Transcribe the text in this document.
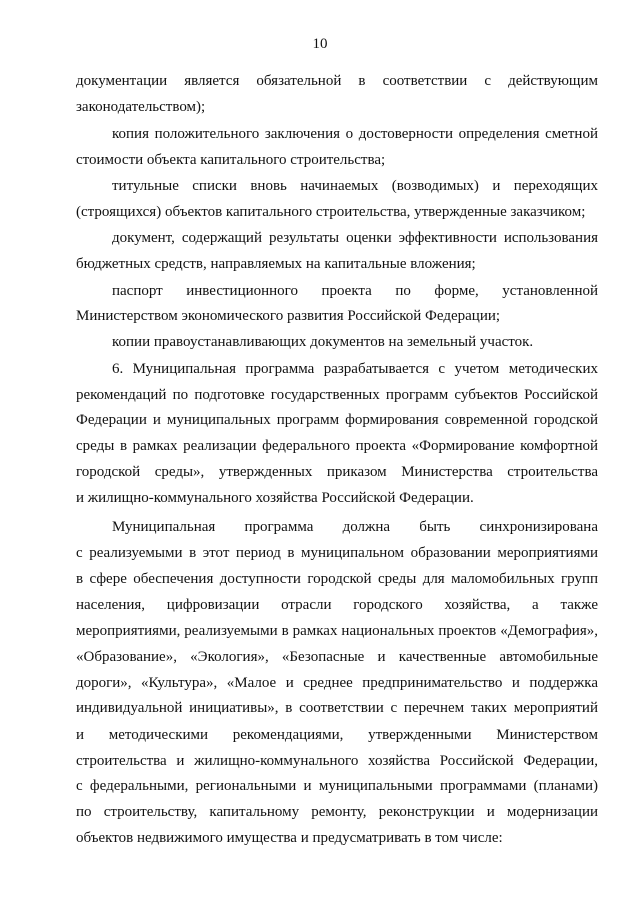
10
документации является обязательной в соответствии с действующим
законодательством);
копия положительного заключения о достоверности определения сметной
стоимости объекта капитального строительства;
титульные списки вновь начинаемых (возводимых) и переходящих
(строящихся) объектов капитального строительства, утвержденные заказчиком;
документ, содержащий результаты оценки эффективности использования
бюджетных средств, направляемых на капитальные вложения;
паспорт инвестиционного проекта по форме, установленной
Министерством экономического развития Российской Федерации;
копии правоустанавливающих документов на земельный участок.
6. Муниципальная программа разрабатывается с учетом методических
рекомендаций по подготовке государственных программ субъектов Российской
Федерации и муниципальных программ формирования современной городской
среды в рамках реализации федерального проекта «Формирование комфортной
городской среды», утвержденных приказом Министерства строительства
и жилищно-коммунального хозяйства Российской Федерации.
Муниципальная программа должна быть синхронизирована
с реализуемыми в этот период в муниципальном образовании мероприятиями
в сфере обеспечения доступности городской среды для маломобильных групп
населения, цифровизации отрасли городского хозяйства, а также
мероприятиями, реализуемыми в рамках национальных проектов «Демография»,
«Образование», «Экология», «Безопасные и качественные автомобильные
дороги», «Культура», «Малое и среднее предпринимательство и поддержка
индивидуальной инициативы», в соответствии с перечнем таких мероприятий
и методическими рекомендациями, утвержденными Министерством
строительства и жилищно-коммунального хозяйства Российской Федерации,
с федеральными, региональными и муниципальными программами (планами)
по строительству, капитальному ремонту, реконструкции и модернизации
объектов недвижимого имущества и предусматривать в том числе:
